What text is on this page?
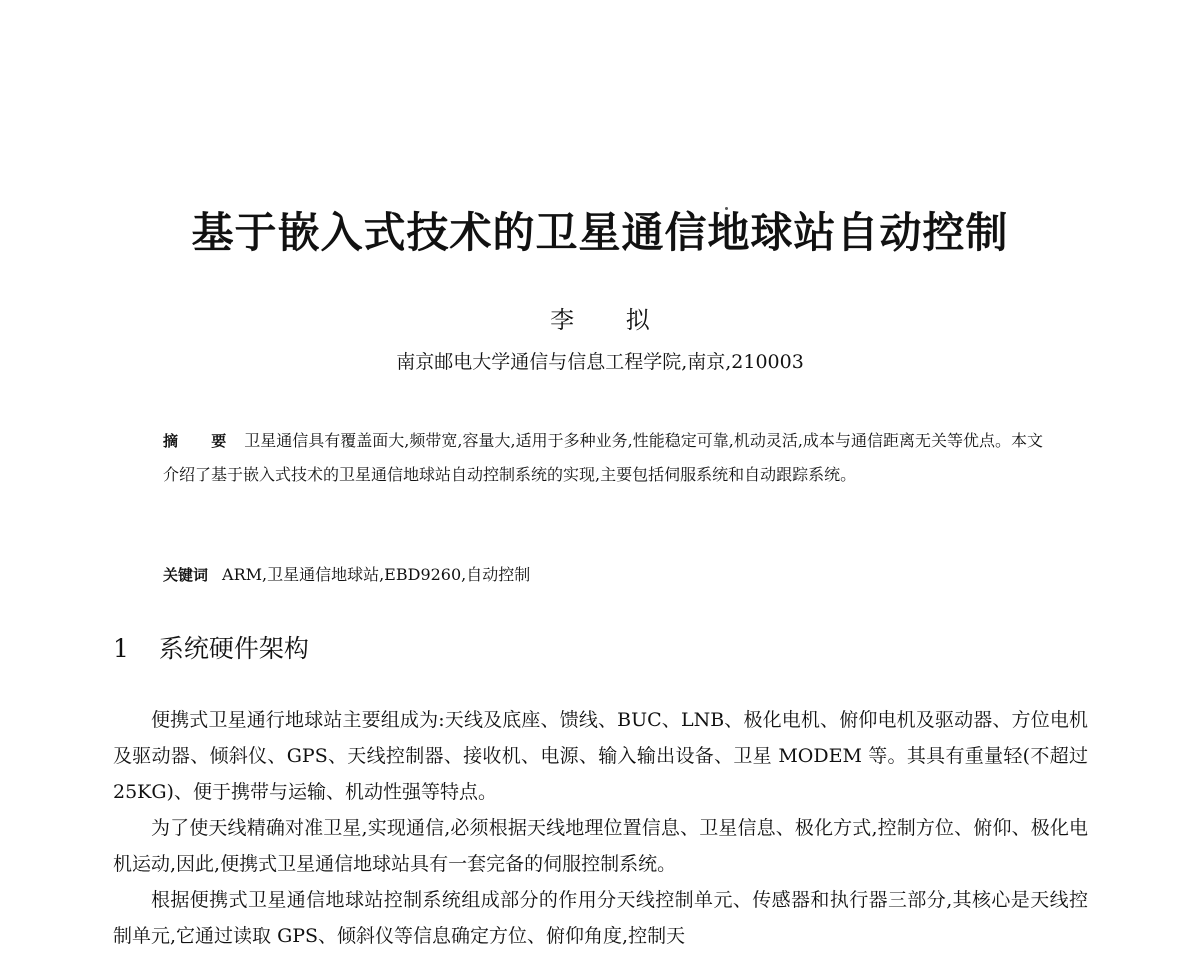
基于嵌入式技术的卫星通信地球站自动控制
李 拟
南京邮电大学通信与信息工程学院,南京,210003
摘 要 卫星通信具有覆盖面大,频带宽,容量大,适用于多种业务,性能稳定可靠,机动灵活,成本与通信距离无关等优点。本文介绍了基于嵌入式技术的卫星通信地球站自动控制系统的实现,主要包括伺服系统和自动跟踪系统。
关键词 ARM,卫星通信地球站,EBD9260,自动控制
1 系统硬件架构

便携式卫星通行地球站主要组成为:天线及底座、馈线、BUC、LNB、极化电机、俯仰电机及驱动器、方位电机及驱动器、倾斜仪、GPS、天线控制器、接收机、电源、输入输出设备、卫星 MODEM 等。其具有重量轻(不超过 25KG)、便于携带与运输、机动性强等特点。

为了使天线精确对准卫星,实现通信,必须根据天线地理位置信息、卫星信息、极化方式,控制方位、俯仰、极化电机运动,因此,便携式卫星通信地球站具有一套完备的伺服控制系统。

根据便携式卫星通信地球站控制系统组成部分的作用分天线控制单元、传感器和执行器三部分,其核心是天线控制单元,它通过读取 GPS、倾斜仪等信息确定方位、俯仰角度,控制天
